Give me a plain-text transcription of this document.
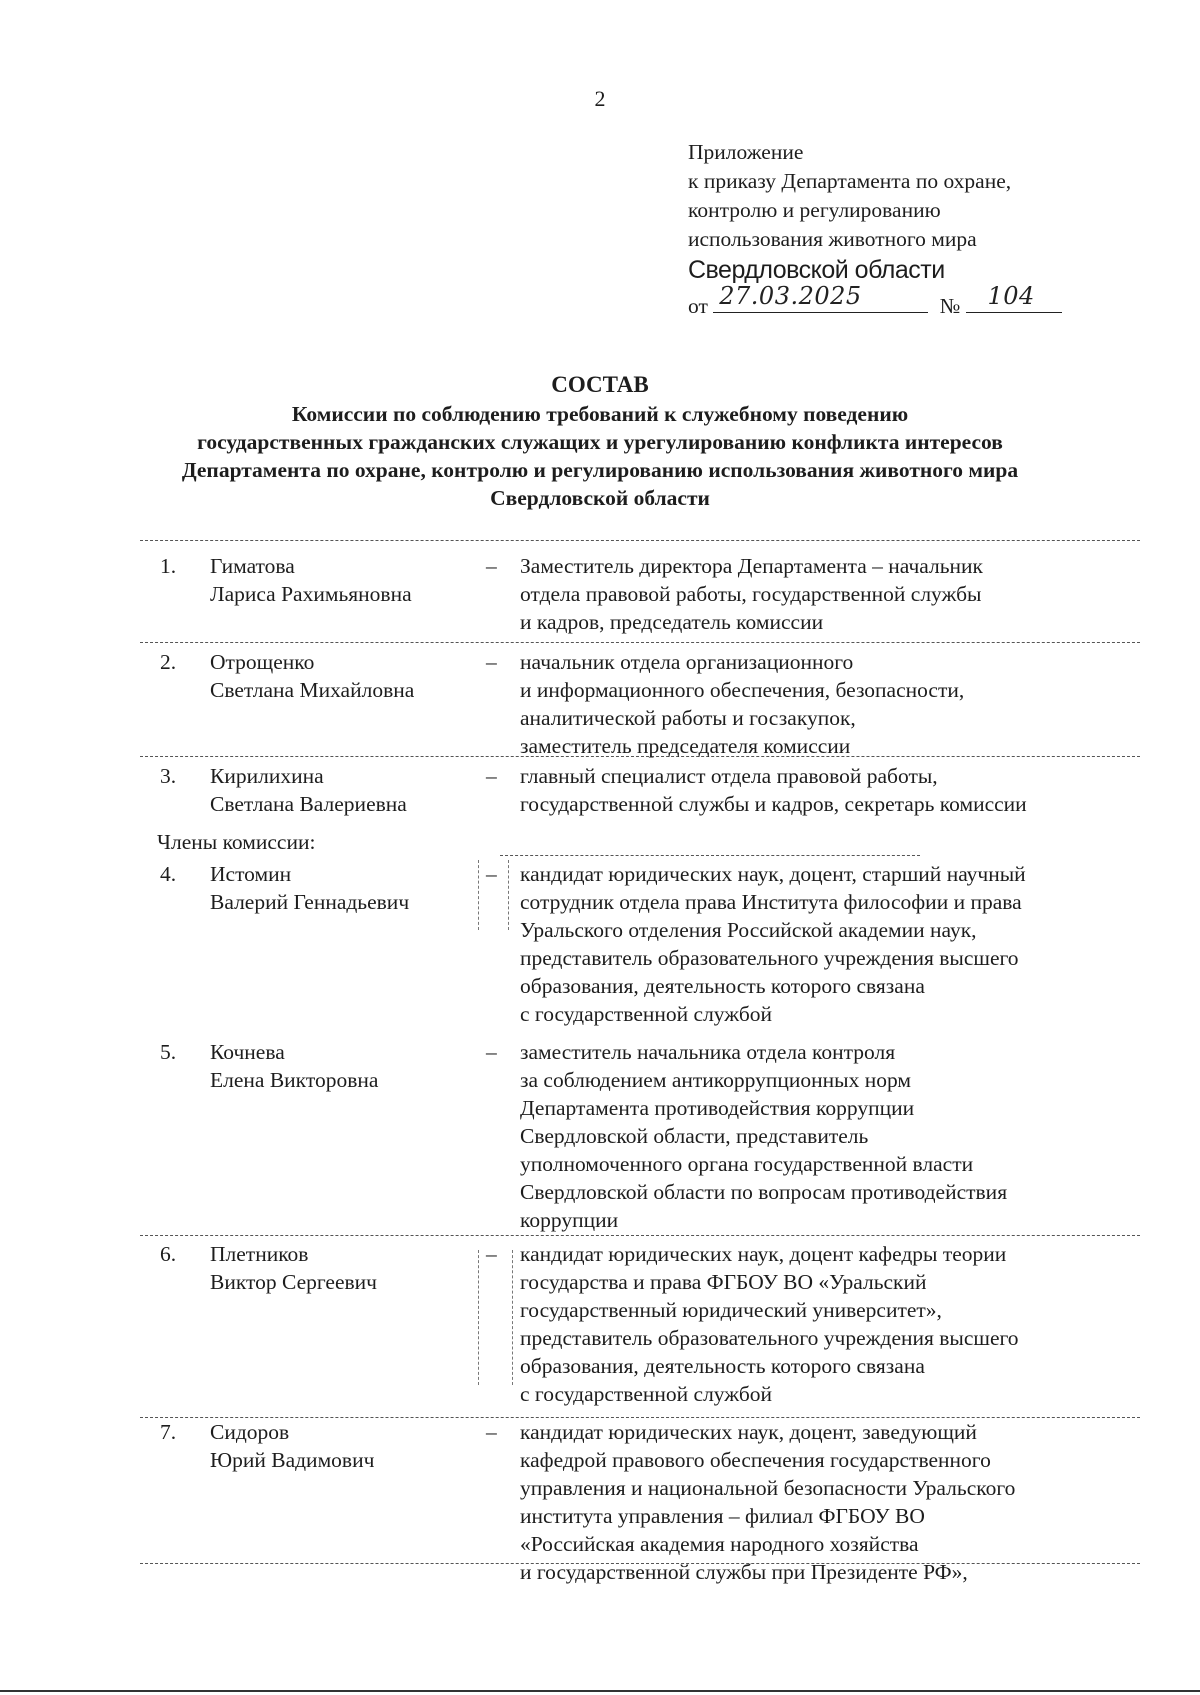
2
Приложение
к приказу Департамента по охране,
контролю и регулированию
использования животного мира
Свердловской области
от 27.03.2025	№ 104
СОСТАВ
Комиссии по соблюдению требований к служебному поведению
государственных гражданских служащих и урегулированию конфликта интересов
Департамента по охране, контролю и регулированию использования животного мира
Свердловской области
1.	Гиматова
Лариса Рахимьяновна
– Заместитель директора Департамента – начальник
отдела правовой работы, государственной службы
и кадров, председатель комиссии
2.	Отрощенко
Светлана Михайловна
– начальник отдела организационного
и информационного обеспечения, безопасности,
аналитической работы и госзакупок,
заместитель председателя комиссии
3.	Кирилихина
Светлана Валериевна
– главный специалист отдела правовой работы,
государственной службы и кадров, секретарь комиссии
Члены комиссии:
4.	Истомин
Валерий Геннадьевич
– кандидат юридических наук, доцент, старший научный
сотрудник отдела права Института философии и права
Уральского отделения Российской академии наук,
представитель образовательного учреждения высшего
образования, деятельность которого связана
с государственной службой
5.	Кочнева
Елена Викторовна
– заместитель начальника отдела контроля
за соблюдением антикоррупционных норм
Департамента противодействия коррупции
Свердловской области, представитель
уполномоченного органа государственной власти
Свердловской области по вопросам противодействия
коррупции
6.	Плетников
Виктор Сергеевич
– кандидат юридических наук, доцент кафедры теории
государства и права ФГБОУ ВО «Уральский
государственный юридический университет»,
представитель образовательного учреждения высшего
образования, деятельность которого связана
с государственной службой
7.	Сидоров
Юрий Вадимович
– кандидат юридических наук, доцент, заведующий
кафедрой правового обеспечения государственного
управления и национальной безопасности Уральского
института управления – филиал ФГБОУ ВО
«Российская академия народного хозяйства
и государственной службы при Президенте РФ»,
